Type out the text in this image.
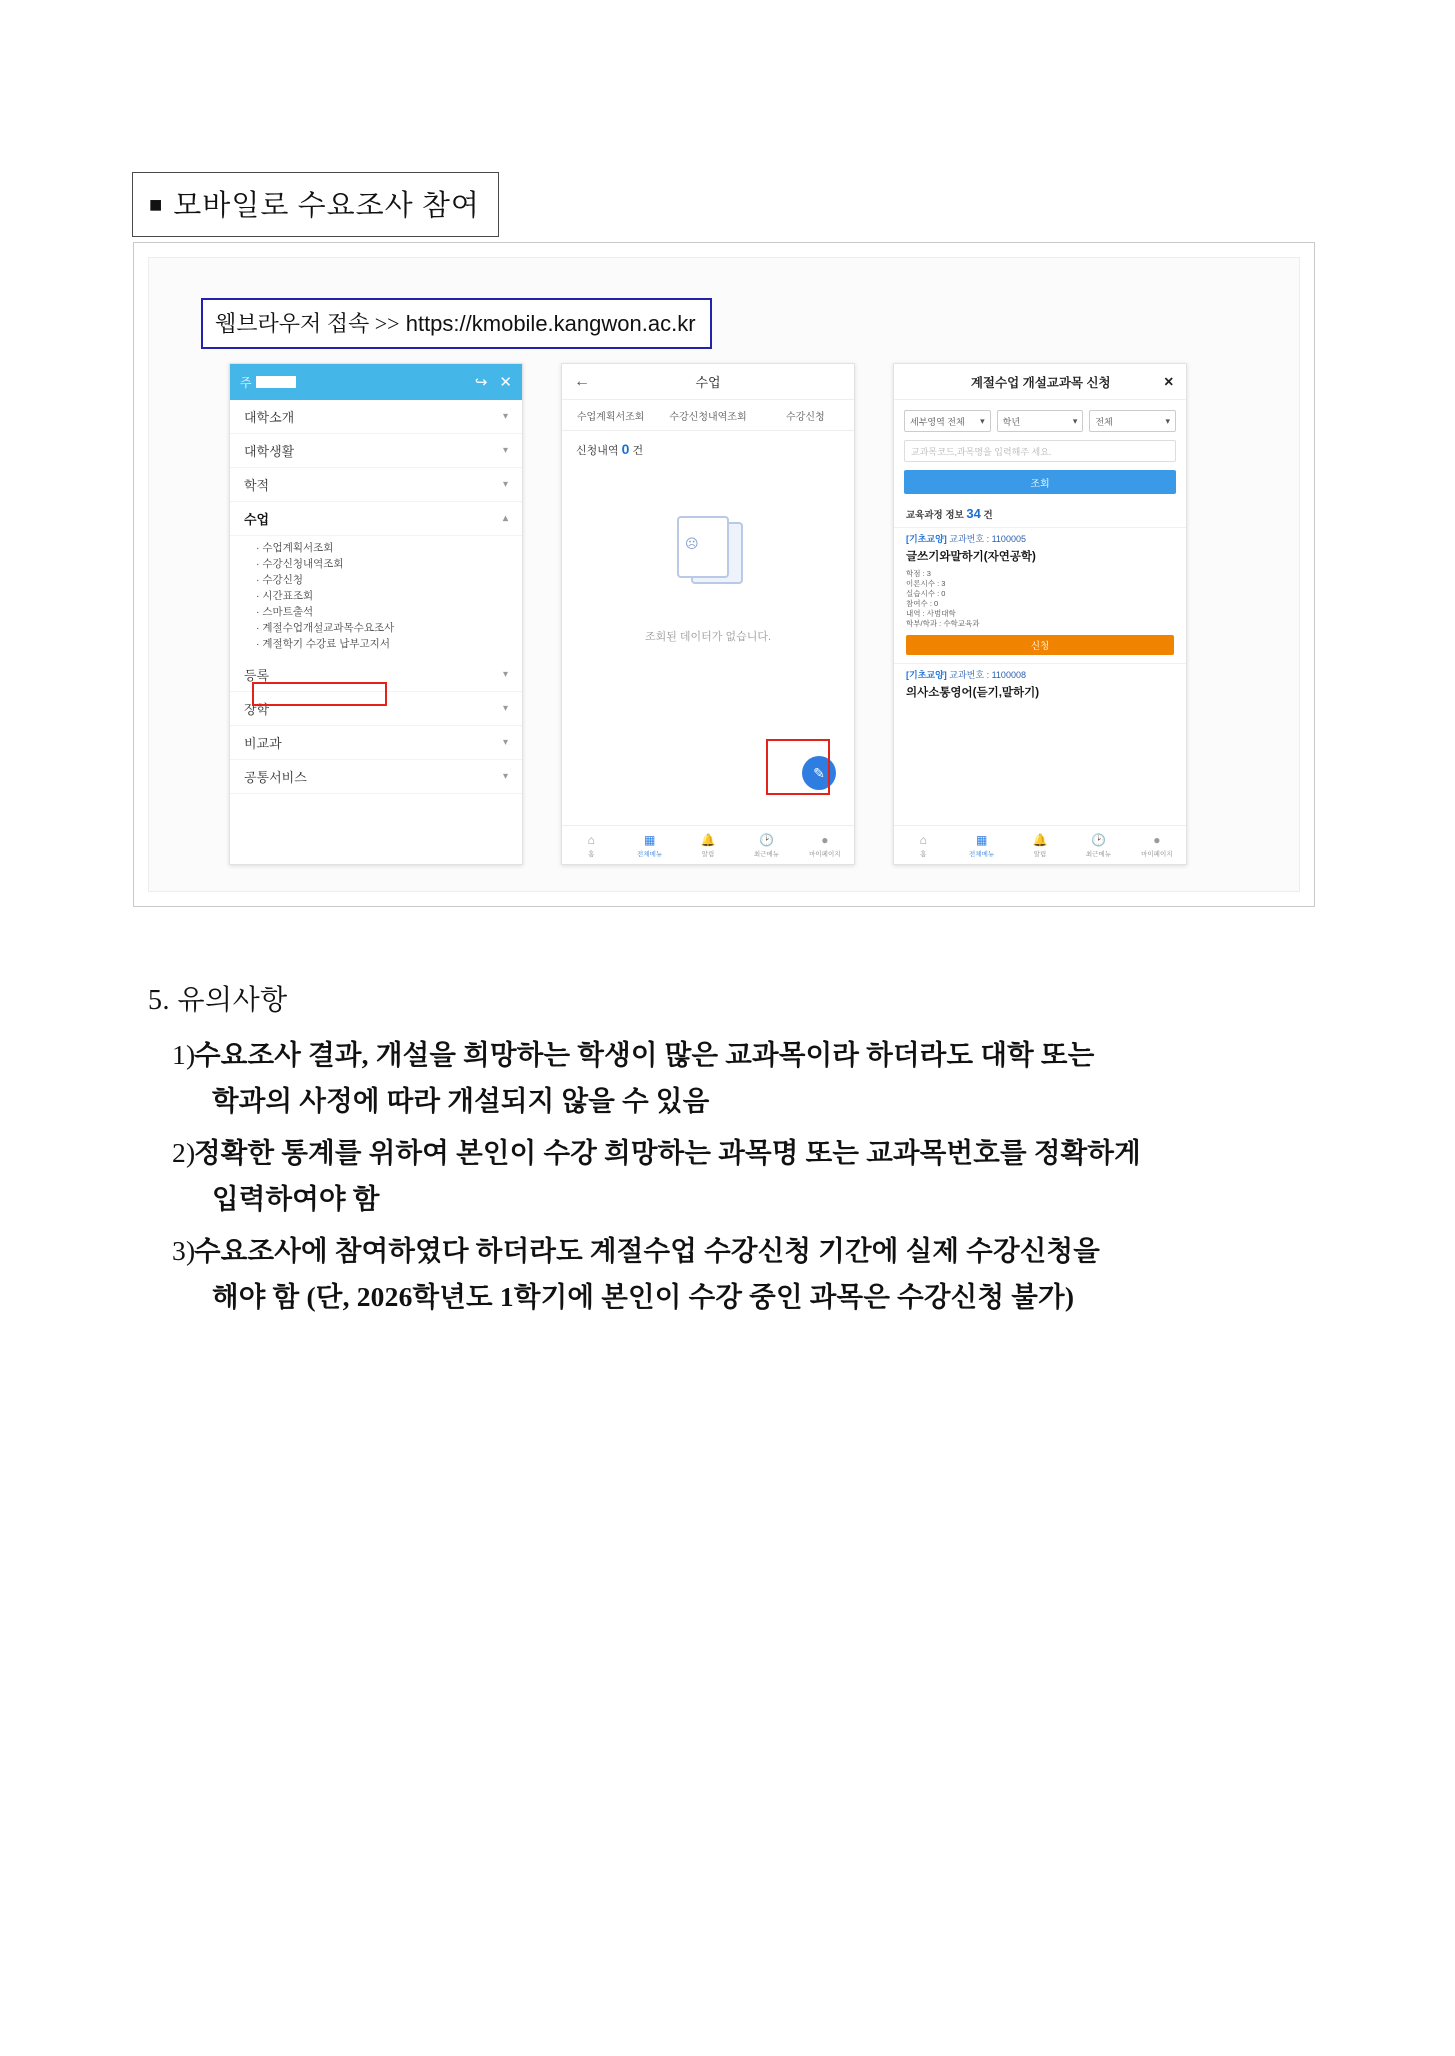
■ 모바일로 수요조사 참여
웹브라우저 접속 >> https://kmobile.kangwon.ac.kr
주	↪ ✕
대학소개	▾
대학생활	▾
학적	▾
수업	▴
· 수업계획서조회
· 수강신청내역조회
· 수강신청
· 시간표조회
· 스마트출석
· 계절수업개설교과목수요조사
· 계절학기 수강료 납부고지서
등록	▾
장학	▾
비교과	▾
공통서비스	▾
←	수업
수업계획서조회	수강신청내역조회	수강신청
신청내역 0 건
☹
조회된 데이터가 없습니다.
✎
⌂
홈
▦
전체메뉴
🔔
알림
🕑
최근메뉴
●
마이페이지
계절수업 개설교과목 신청	✕
세부영역 전체 ▾ 학년	▾ 전체	▾
교과목코드,과목명을 입력해주 세요.
조회
교육과정 정보 34 건
[기초교양] 교과번호 : 1100005
글쓰기와말하기(자연공학)
학점 : 3
이론시수 : 3
실습시수 : 0
참여수 : 0
내역 : 사범대학
학부/학과 : 수학교육과
신청
[기초교양] 교과번호 : 1100008
의사소통영어(듣기,말하기)
⌂
홈
▦
전체메뉴
🔔
알림
🕑
최근메뉴
●
마이페이지
5. 유의사항
1)
수요조사 결과, 개설을 희망하는 학생이 많은 교과목이라 하더라도 대학 또는
학과의 사정에 따라 개설되지 않을 수 있음
2)
정확한 통계를 위하여 본인이 수강 희망하는 과목명 또는 교과목번호를 정확하게
입력하여야 함
3)
수요조사에 참여하였다 하더라도 계절수업 수강신청 기간에 실제 수강신청을
해야 함 (단, 2026학년도 1학기에 본인이 수강 중인 과목은 수강신청 불가)
